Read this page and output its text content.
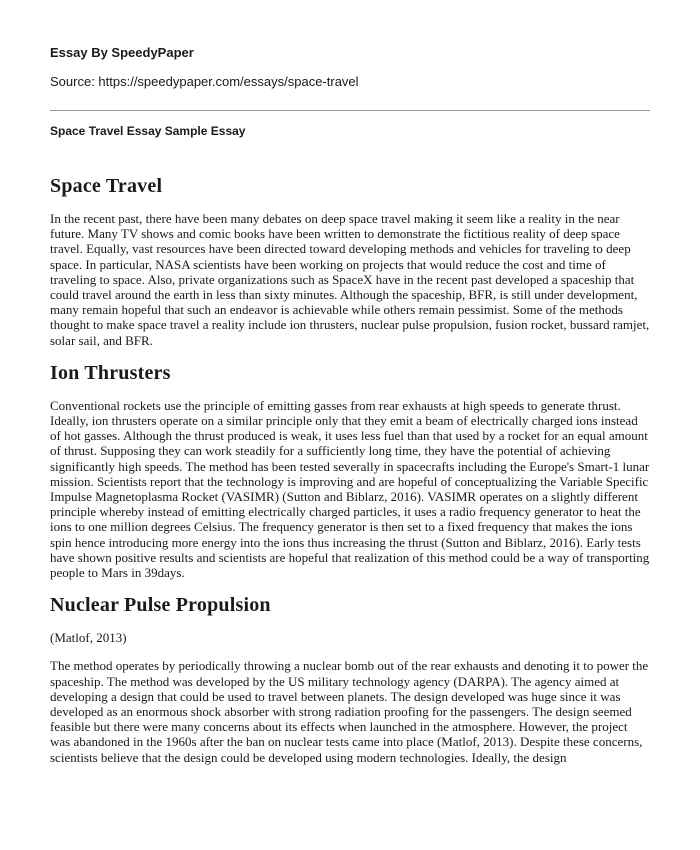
Essay By SpeedyPaper

Source: https://speedypaper.com/essays/space-travel

Space Travel Essay Sample Essay

Space Travel

In the recent past, there have been many debates on deep space travel making it seem like a reality in the near future. Many TV shows and comic books have been written to demonstrate the fictitious reality of deep space travel. Equally, vast resources have been directed toward developing methods and vehicles for traveling to deep space. In particular, NASA scientists have been working on projects that would reduce the cost and time of traveling to space. Also, private organizations such as SpaceX have in the recent past developed a spaceship that could travel around the earth in less than sixty minutes. Although the spaceship, BFR, is still under development, many remain hopeful that such an endeavor is achievable while others remain pessimist. Some of the methods thought to make space travel a reality include ion thrusters, nuclear pulse propulsion, fusion rocket, bussard ramjet, solar sail, and BFR.

Ion Thrusters

Conventional rockets use the principle of emitting gasses from rear exhausts at high speeds to generate thrust. Ideally, ion thrusters operate on a similar principle only that they emit a beam of electrically charged ions instead of hot gasses. Although the thrust produced is weak, it uses less fuel than that used by a rocket for an equal amount of thrust. Supposing they can work steadily for a sufficiently long time, they have the potential of achieving significantly high speeds. The method has been tested severally in spacecrafts including the Europe's Smart-1 lunar mission. Scientists report that the technology is improving and are hopeful of conceptualizing the Variable Specific Impulse Magnetoplasma Rocket (VASIMR) (Sutton and Biblarz, 2016). VASIMR operates on a slightly different principle whereby instead of emitting electrically charged particles, it uses a radio frequency generator to heat the ions to one million degrees Celsius. The frequency generator is then set to a fixed frequency that makes the ions spin hence introducing more energy into the ions thus increasing the thrust (Sutton and Biblarz, 2016). Early tests have shown positive results and scientists are hopeful that realization of this method could be a way of transporting people to Mars in 39days.

Nuclear Pulse Propulsion

(Matlof, 2013)

The method operates by periodically throwing a nuclear bomb out of the rear exhausts and denoting it to power the spaceship. The method was developed by the US military technology agency (DARPA). The agency aimed at developing a design that could be used to travel between planets. The design developed was huge since it was developed as an enormous shock absorber with strong radiation proofing for the passengers. The design seemed feasible but there were many concerns about its effects when launched in the atmosphere. However, the project was abandoned in the 1960s after the ban on nuclear tests came into place (Matlof, 2013). Despite these concerns, scientists believe that the design could be developed using modern technologies. Ideally, the design
